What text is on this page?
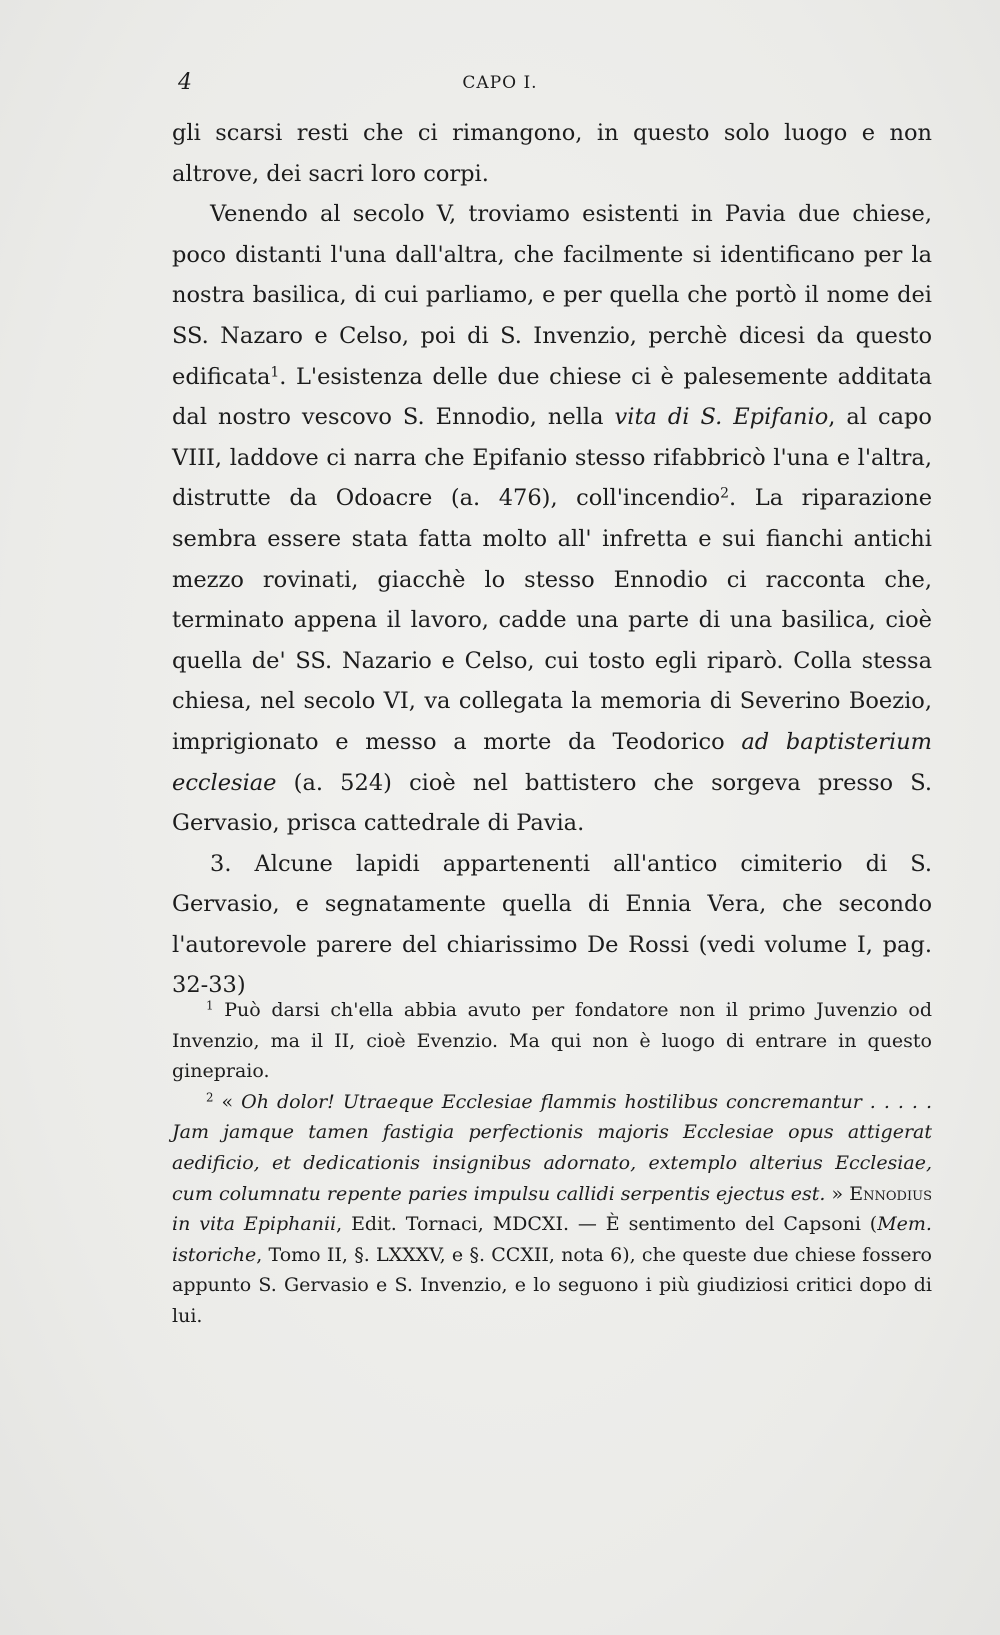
4	CAPO I.

gli scarsi resti che ci rimangono, in questo solo luogo e non altrove, dei sacri loro corpi.

Venendo al secolo V, troviamo esistenti in Pavia due chiese, poco distanti l'una dall'altra, che facilmente si identificano per la nostra basilica, di cui parliamo, e per quella che portò il nome dei SS. Nazaro e Celso, poi di S. Invenzio, perchè dicesi da questo edificata$^1$. L'esistenza delle due chiese ci è palesemente additata dal nostro vescovo S. Ennodio, nella vita di S. Epifanio, al capo VIII, laddove ci narra che Epifanio stesso rifabbricò l'una e l'altra, distrutte da Odoacre (a. 476), coll'incendio$^2$. La riparazione sembra essere stata fatta molto all' infretta e sui fianchi antichi mezzo rovinati, giacchè lo stesso Ennodio ci racconta che, terminato appena il lavoro, cadde una parte di una basilica, cioè quella de' SS. Nazario e Celso, cui tosto egli riparò. Colla stessa chiesa, nel secolo VI, va collegata la memoria di Severino Boezio, imprigionato e messo a morte da Teodorico ad baptisterium ecclesiae (a. 524) cioè nel battistero che sorgeva presso S. Gervasio, prisca cattedrale di Pavia.

3. Alcune lapidi appartenenti all'antico cimiterio di S. Gervasio, e segnatamente quella di Ennia Vera, che secondo l'autorevole parere del chiarissimo De Rossi (vedi volume I, pag. 32-33)

$^1$ Può darsi ch'ella abbia avuto per fondatore non il primo Juvenzio od Invenzio, ma il II, cioè Evenzio. Ma qui non è luogo di entrare in questo ginepraio.

$^2$ « Oh dolor! Utraeque Ecclesiae flammis hostilibus concremantur . . . . . Jam jamque tamen fastigia perfectionis majoris Ecclesiae opus attigerat aedificio, et dedicationis insignibus adornato, extemplo alterius Ecclesiae, cum columnatu repente paries impulsu callidi serpentis ejectus est. » Ennodius in vita Epiphanii, Edit. Tornaci, MDCXI. — È sentimento del Capsoni (Mem. istoriche, Tomo II, §. LXXXV, e §. CCXII, nota 6), che queste due chiese fossero appunto S. Gervasio e S. Invenzio, e lo seguono i più giudiziosi critici dopo di lui.
